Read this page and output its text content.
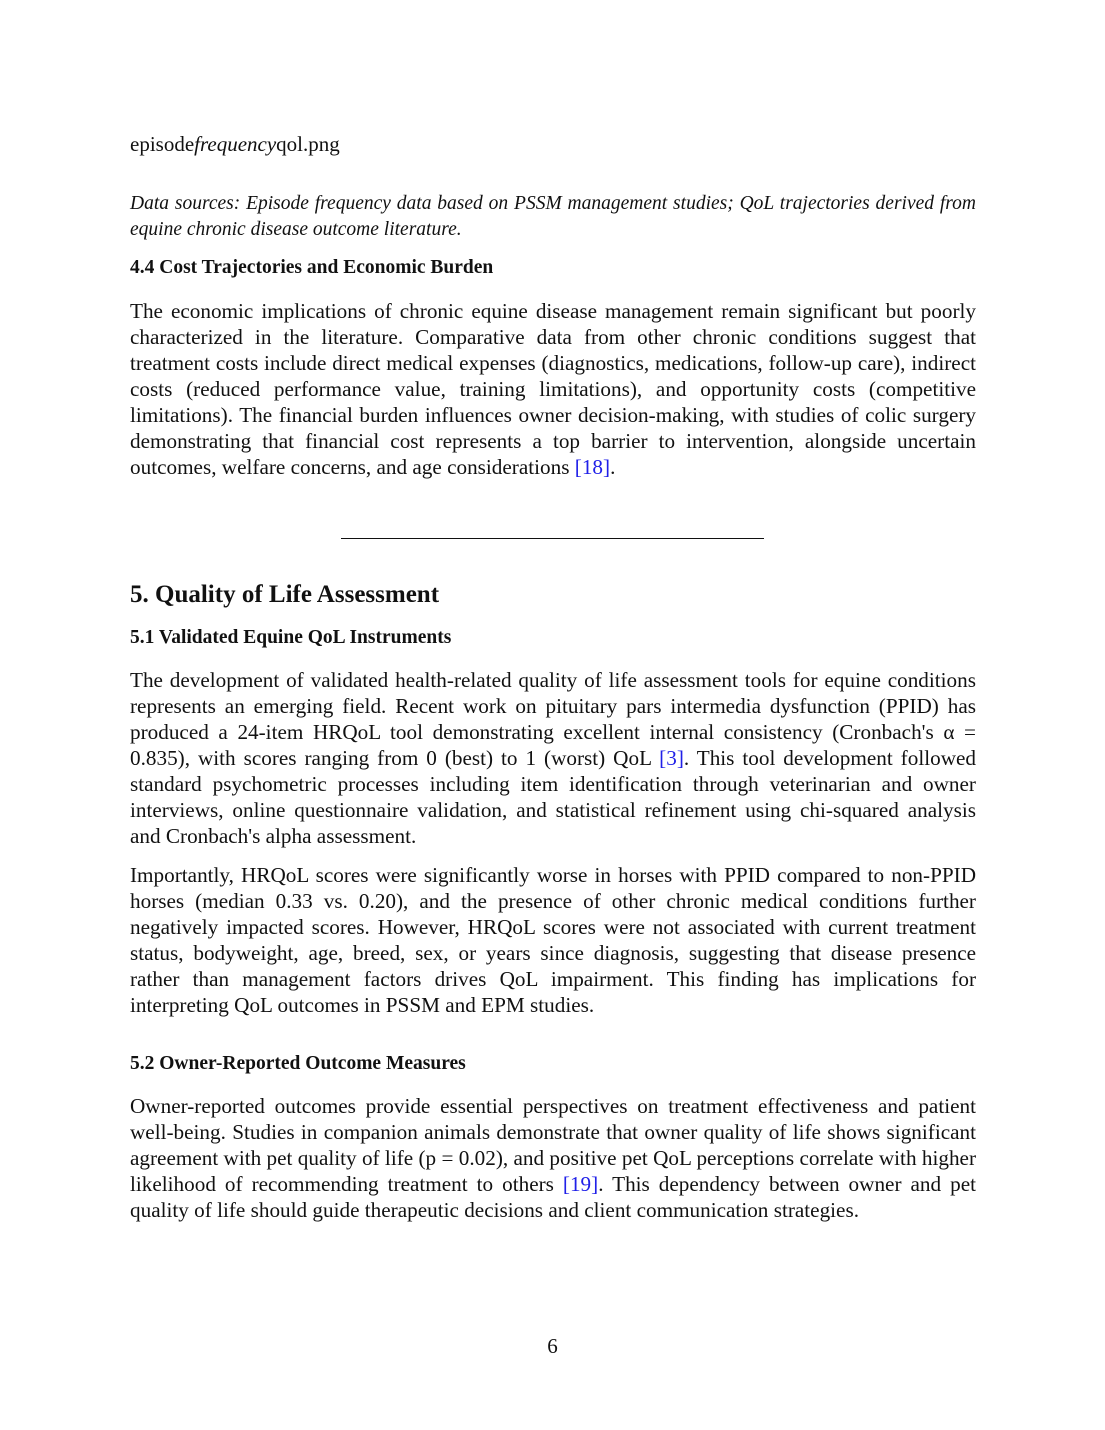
episodefrequencyqol.png

Data sources: Episode frequency data based on PSSM management studies; QoL trajectories derived from equine chronic disease outcome literature.

4.4 Cost Trajectories and Economic Burden

The economic implications of chronic equine disease management remain significant but poorly characterized in the literature. Comparative data from other chronic conditions suggest that treatment costs include direct medical expenses (diagnostics, medications, follow-up care), indirect costs (reduced performance value, training limitations), and opportunity costs (competitive limitations). The financial burden influences owner decision-making, with studies of colic surgery demonstrating that financial cost represents a top barrier to intervention, alongside uncertain outcomes, welfare concerns, and age considerations [18].

5. Quality of Life Assessment
5.1 Validated Equine QoL Instruments

The development of validated health-related quality of life assessment tools for equine conditions represents an emerging field. Recent work on pituitary pars intermedia dysfunction (PPID) has produced a 24-item HRQoL tool demonstrating excellent internal consistency (Cronbach's α = 0.835), with scores ranging from 0 (best) to 1 (worst) QoL [3]. This tool development followed standard psychometric processes including item identification through veterinarian and owner interviews, online questionnaire validation, and statistical refinement using chi-squared analysis and Cronbach's alpha assessment.

Importantly, HRQoL scores were significantly worse in horses with PPID compared to non-PPID horses (median 0.33 vs. 0.20), and the presence of other chronic medical conditions further negatively impacted scores. However, HRQoL scores were not associated with current treatment status, bodyweight, age, breed, sex, or years since diagnosis, suggesting that disease presence rather than management factors drives QoL impairment. This finding has implications for interpreting QoL outcomes in PSSM and EPM studies.

5.2 Owner-Reported Outcome Measures

Owner-reported outcomes provide essential perspectives on treatment effectiveness and patient well-being. Studies in companion animals demonstrate that owner quality of life shows significant agreement with pet quality of life (p = 0.02), and positive pet QoL perceptions correlate with higher likelihood of recommending treatment to others [19]. This dependency between owner and pet quality of life should guide therapeutic decisions and client communication strategies.

6
